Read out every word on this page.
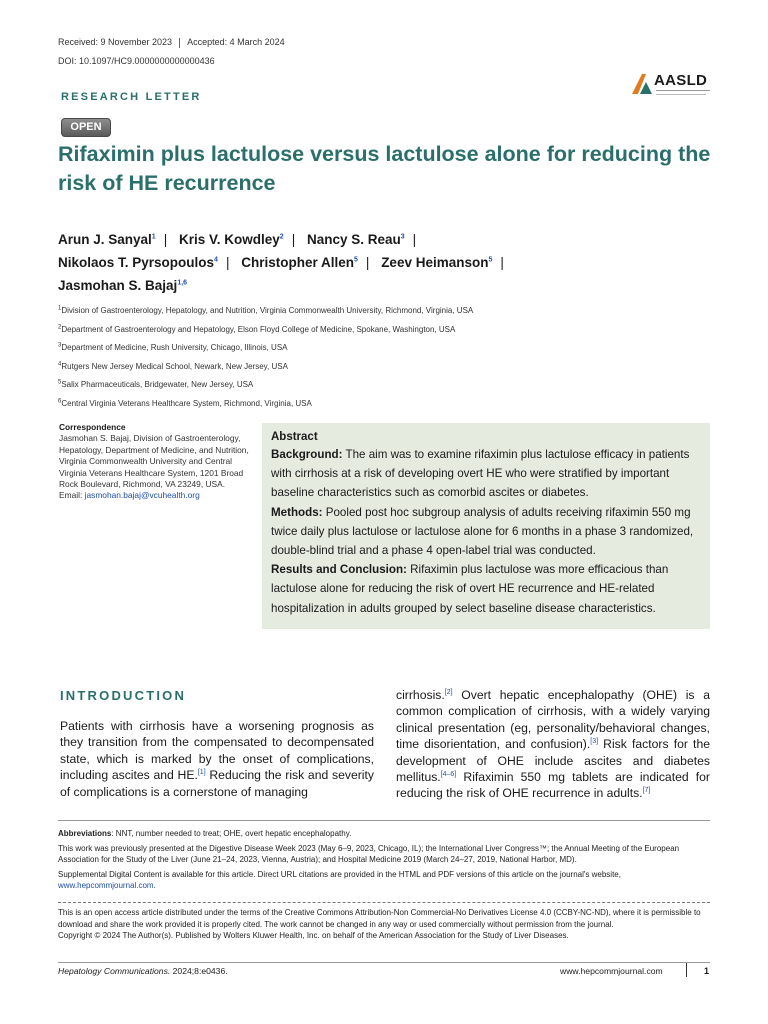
Received: 9 November 2023 Accepted: 4 March 2024
DOI: 10.1097/HC9.0000000000000436
AASLD
RESEARCH LETTER
OPEN
Rifaximin plus lactulose versus lactulose alone for reducing the risk of HE recurrence
Arun J. Sanyal$^1$ | Kris V. Kowdley$^2$ | Nancy S. Reau$^3$ |
Nikolaos T. Pyrsopoulos$^4$ | Christopher Allen$^5$ | Zeev Heimanson$^5$ |
Jasmohan S. Bajaj$^{1,6}$
$^1$Division of Gastroenterology, Hepatology, and Nutrition, Virginia Commonwealth University, Richmond, Virginia, USA
$^2$Department of Gastroenterology and Hepatology, Elson Floyd College of Medicine, Spokane, Washington, USA
$^3$Department of Medicine, Rush University, Chicago, Illinois, USA
$^4$Rutgers New Jersey Medical School, Newark, New Jersey, USA
$^5$Salix Pharmaceuticals, Bridgewater, New Jersey, USA
$^6$Central Virginia Veterans Healthcare System, Richmond, Virginia, USA
Correspondence
Jasmohan S. Bajaj, Division of Gastroenterology, Hepatology, Department of Medicine, and Nutrition, Virginia Commonwealth University and Central Virginia Veterans Healthcare System, 1201 Broad Rock Boulevard, Richmond, VA 23249, USA.
Email: jasmohan.bajaj@vcuhealth.org
Abstract

Background: The aim was to examine rifaximin plus lactulose efficacy in patients with cirrhosis at a risk of developing overt HE who were stratified by important baseline characteristics such as comorbid ascites or diabetes.
Methods: Pooled post hoc subgroup analysis of adults receiving rifaximin 550 mg twice daily plus lactulose or lactulose alone for 6 months in a phase 3 randomized, double-blind trial and a phase 4 open-label trial was conducted.
Results and Conclusion: Rifaximin plus lactulose was more efficacious than lactulose alone for reducing the risk of overt HE recurrence and HE-related hospitalization in adults grouped by select baseline disease characteristics.

INTRODUCTION
Patients with cirrhosis have a worsening prognosis as they transition from the compensated to decompensated state, which is marked by the onset of complications, including ascites and HE.[1] Reducing the risk and severity of complications is a cornerstone of managing
cirrhosis.[2] Overt hepatic encephalopathy (OHE) is a common complication of cirrhosis, with a widely varying clinical presentation (eg, personality/behavioral changes, time disorientation, and confusion).[3] Risk factors for the development of OHE include ascites and diabetes mellitus.[4–6] Rifaximin 550 mg tablets are indicated for reducing the risk of OHE recurrence in adults.[7]

Abbreviations: NNT, number needed to treat; OHE, overt hepatic encephalopathy.

This work was previously presented at the Digestive Disease Week 2023 (May 6–9, 2023, Chicago, IL); the International Liver Congress™; the Annual Meeting of the European Association for the Study of the Liver (June 21–24, 2023, Vienna, Austria); and Hospital Medicine 2019 (March 24–27, 2019, National Harbor, MD).

Supplemental Digital Content is available for this article. Direct URL citations are provided in the HTML and PDF versions of this article on the journal's website, www.hepcommjournal.com.

This is an open access article distributed under the terms of the Creative Commons Attribution-Non Commercial-No Derivatives License 4.0 (CCBY-NC-ND), where it is permissible to download and share the work provided it is properly cited. The work cannot be changed in any way or used commercially without permission from the journal.

Copyright © 2024 The Author(s). Published by Wolters Kluwer Health, Inc. on behalf of the American Association for the Study of Liver Diseases.

Hepatology Communications. 2024;8:e0436.	www.hepcommjournal.com	1
